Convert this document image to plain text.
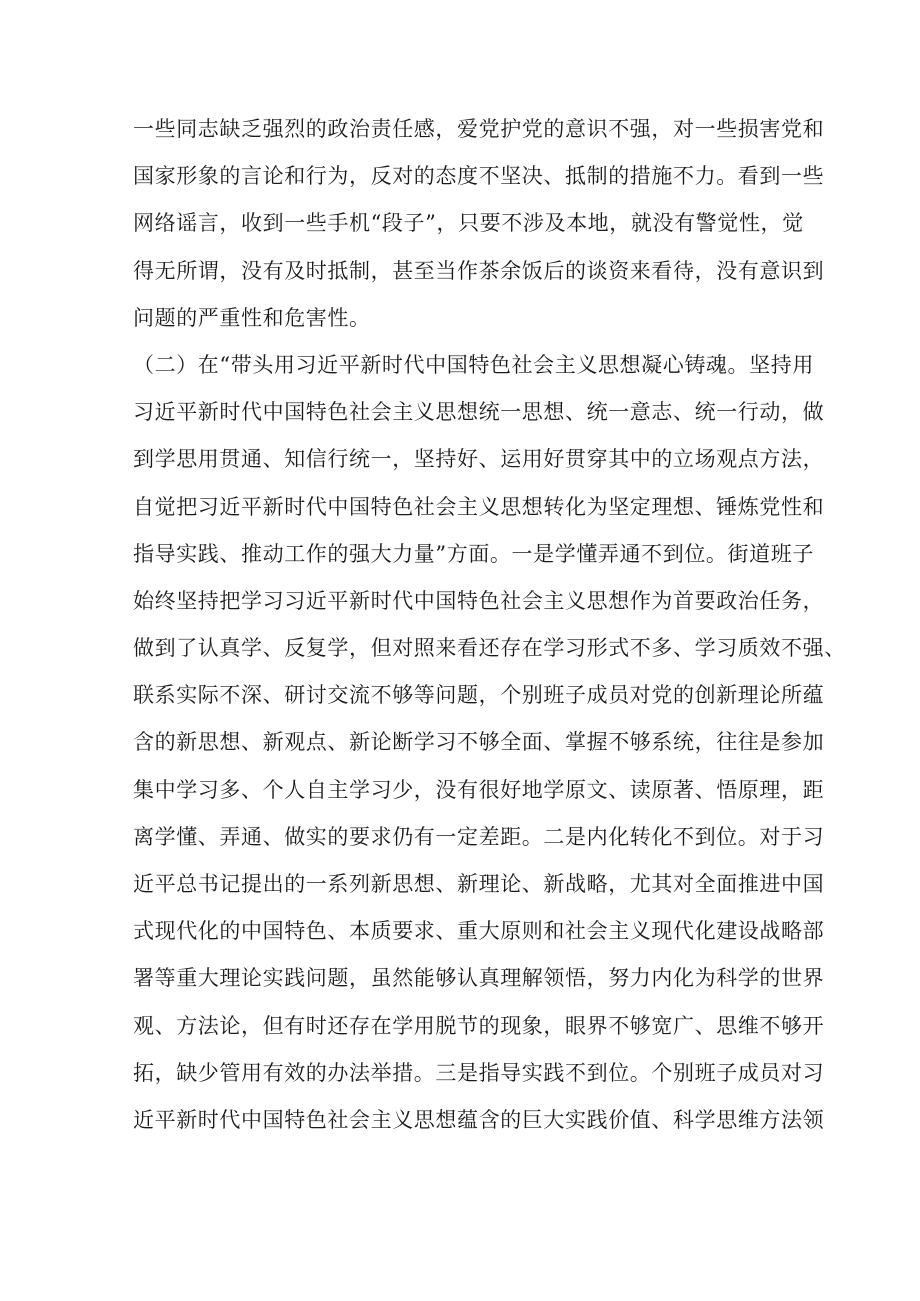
一些同志缺乏强烈的政治责任感，爱党护党的意识不强，对一些损害党和
国家形象的言论和行为，反对的态度不坚决、抵制的措施不力。看到一些
网络谣言，收到一些手机“段子”，只要不涉及本地，就没有警觉性，觉
得无所谓，没有及时抵制，甚至当作茶余饭后的谈资来看待，没有意识到
问题的严重性和危害性。
（二）在“带头用习近平新时代中国特色社会主义思想凝心铸魂。坚持用
习近平新时代中国特色社会主义思想统一思想、统一意志、统一行动，做
到学思用贯通、知信行统一，坚持好、运用好贯穿其中的立场观点方法，
自觉把习近平新时代中国特色社会主义思想转化为坚定理想、锤炼党性和
指导实践、推动工作的强大力量”方面。一是学懂弄通不到位。街道班子
始终坚持把学习习近平新时代中国特色社会主义思想作为首要政治任务，
做到了认真学、反复学，但对照来看还存在学习形式不多、学习质效不强、
联系实际不深、研讨交流不够等问题，个别班子成员对党的创新理论所蕴
含的新思想、新观点、新论断学习不够全面、掌握不够系统，往往是参加
集中学习多、个人自主学习少，没有很好地学原文、读原著、悟原理，距
离学懂、弄通、做实的要求仍有一定差距。二是内化转化不到位。对于习
近平总书记提出的一系列新思想、新理论、新战略，尤其对全面推进中国
式现代化的中国特色、本质要求、重大原则和社会主义现代化建设战略部
署等重大理论实践问题，虽然能够认真理解领悟，努力内化为科学的世界
观、方法论，但有时还存在学用脱节的现象，眼界不够宽广、思维不够开
拓，缺少管用有效的办法举措。三是指导实践不到位。个别班子成员对习
近平新时代中国特色社会主义思想蕴含的巨大实践价值、科学思维方法领
